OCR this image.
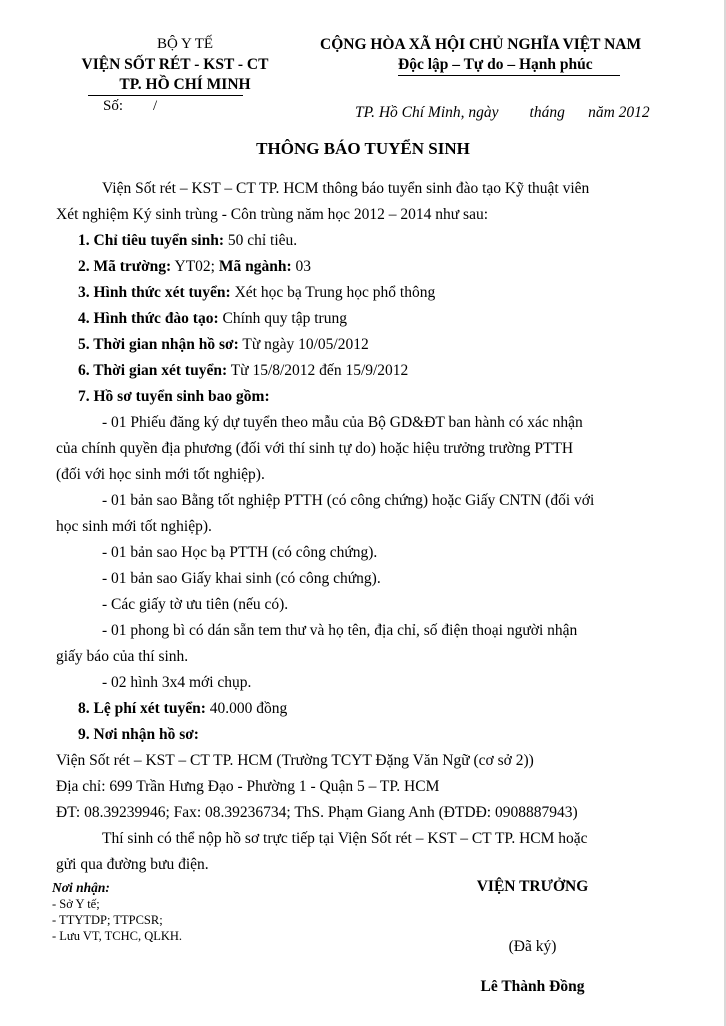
BỘ Y TẾ
VIỆN SỐT RÉT - KST - CT
TP. HỒ CHÍ MINH
Số:        /
CỘNG HÒA XÃ HỘI CHỦ NGHĨA VIỆT NAM
Độc lập – Tự do – Hạnh phúc
TP. Hồ Chí Minh, ngày        tháng      năm 2012
THÔNG BÁO TUYỂN SINH
Viện Sốt rét – KST – CT TP. HCM thông báo tuyển sinh đào tạo Kỹ thuật viên
Xét nghiệm Ký sinh trùng - Côn trùng năm học 2012 – 2014 như sau:
1. Chỉ tiêu tuyển sinh: 50 chỉ tiêu.
2. Mã trường: YT02; Mã ngành: 03
3. Hình thức xét tuyển: Xét học bạ Trung học phổ thông
4. Hình thức đào tạo: Chính quy tập trung
5. Thời gian nhận hồ sơ: Từ ngày 10/05/2012
6. Thời gian xét tuyển: Từ 15/8/2012 đến 15/9/2012
7. Hồ sơ tuyển sinh bao gồm:
- 01 Phiếu đăng ký dự tuyển theo mẫu của Bộ GD&ĐT ban hành có xác nhận
của chính quyền địa phương (đối với thí sinh tự do) hoặc hiệu trưởng trường PTTH
(đối với học sinh mới tốt nghiệp).
- 01 bản sao Bằng tốt nghiệp PTTH (có công chứng) hoặc Giấy CNTN (đối với
học sinh mới tốt nghiệp).
- 01 bản sao Học bạ PTTH (có công chứng).
- 01 bản sao Giấy khai sinh (có công chứng).
- Các giấy tờ ưu tiên (nếu có).
- 01 phong bì có dán sẵn tem thư và họ tên, địa chỉ, số điện thoại người nhận
giấy báo của thí sinh.
- 02 hình 3x4 mới chụp.
8. Lệ phí xét tuyển: 40.000 đồng
9. Nơi nhận hồ sơ:
Viện Sốt rét – KST – CT TP. HCM (Trường TCYT Đặng Văn Ngữ (cơ sở 2))
Địa chỉ: 699 Trần Hưng Đạo - Phường 1 - Quận 5 – TP. HCM
ĐT: 08.39239946; Fax: 08.39236734; ThS. Phạm Giang Anh (ĐTDĐ: 0908887943)
Thí sinh có thể nộp hồ sơ trực tiếp tại Viện Sốt rét – KST – CT TP. HCM hoặc
gửi qua đường bưu điện.
Nơi nhận:
- Sở Y tế;
- TTYTDP; TTPCSR;
- Lưu VT, TCHC, QLKH.
VIỆN TRƯỞNG
(Đã ký)
Lê Thành Đồng
